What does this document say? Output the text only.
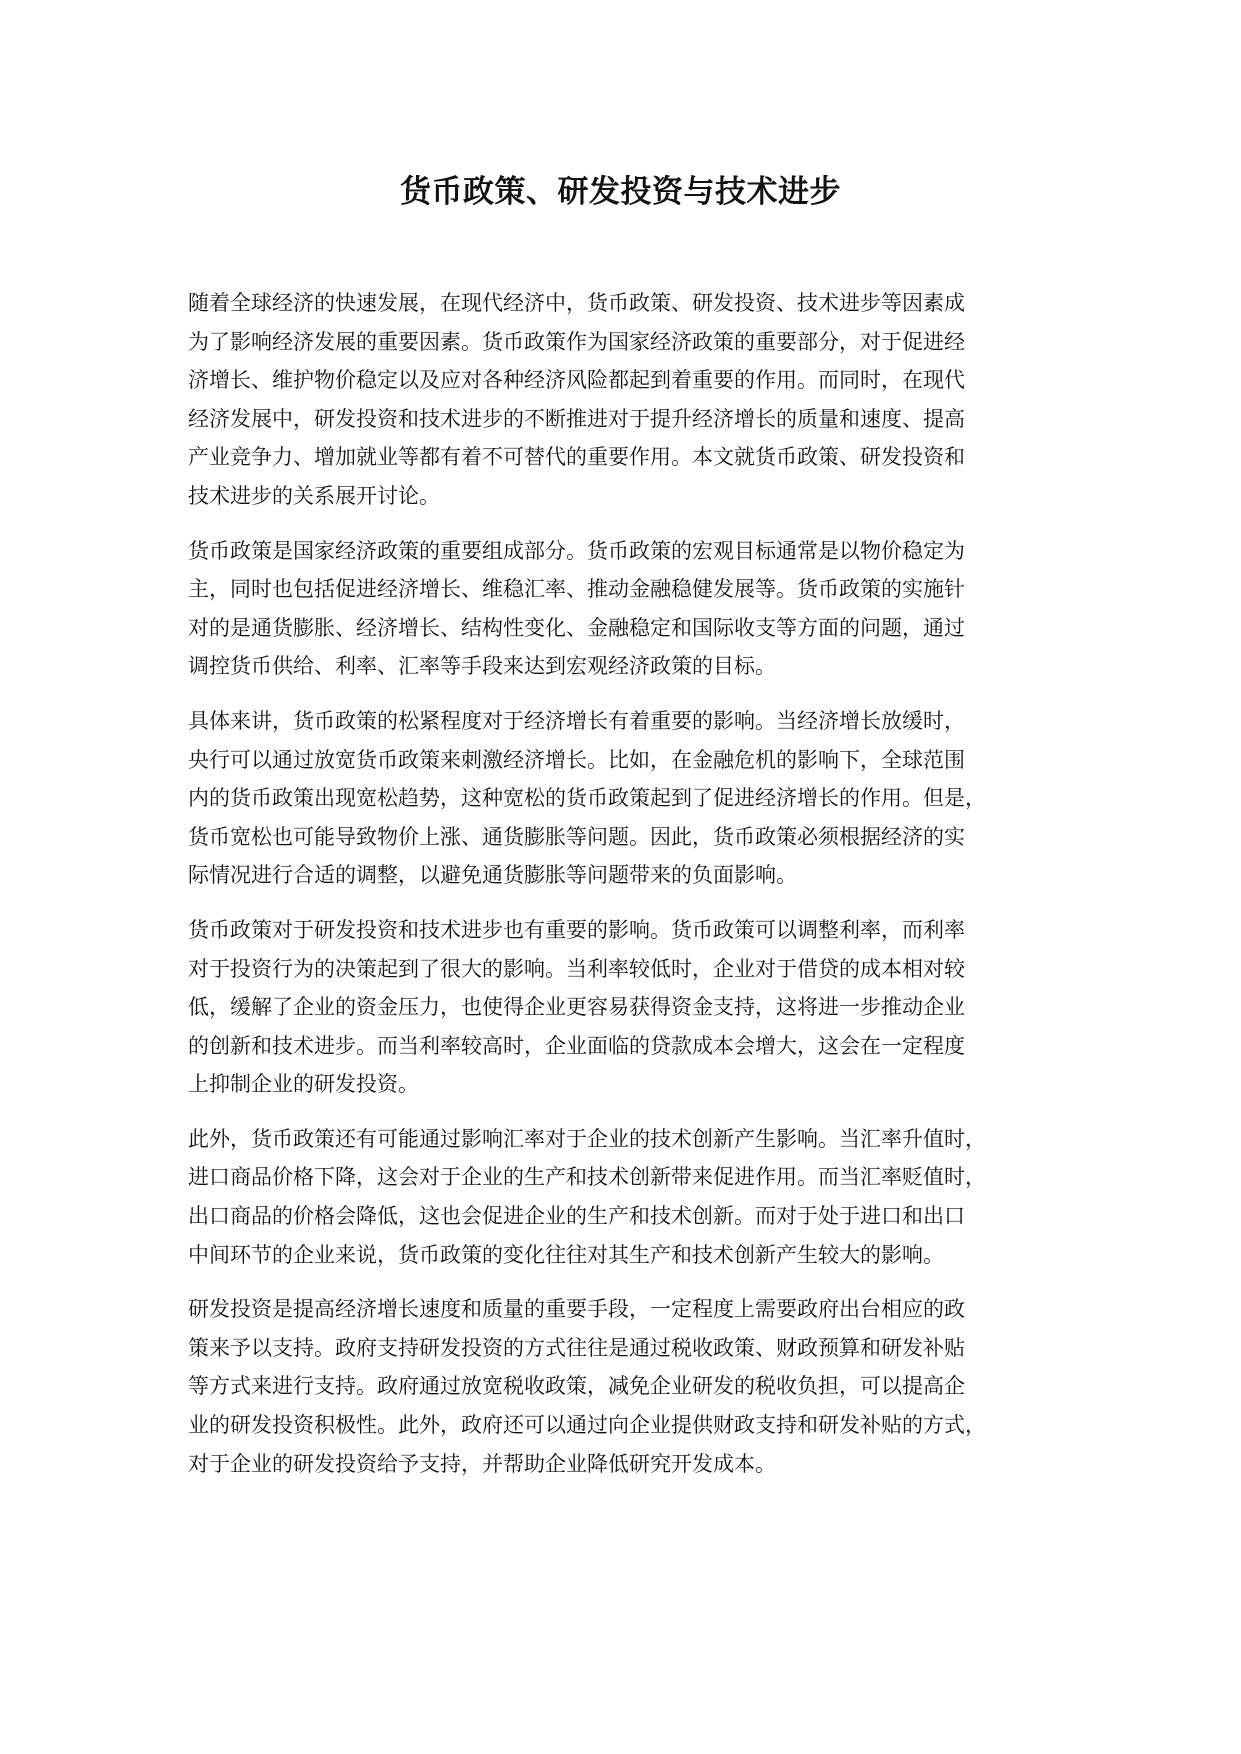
货币政策、研发投资与技术进步

随着全球经济的快速发展，在现代经济中，货币政策、研发投资、技术进步等因素成
为了影响经济发展的重要因素。货币政策作为国家经济政策的重要部分，对于促进经
济增长、维护物价稳定以及应对各种经济风险都起到着重要的作用。而同时，在现代
经济发展中，研发投资和技术进步的不断推进对于提升经济增长的质量和速度、提高
产业竞争力、增加就业等都有着不可替代的重要作用。本文就货币政策、研发投资和
技术进步的关系展开讨论。

货币政策是国家经济政策的重要组成部分。货币政策的宏观目标通常是以物价稳定为
主，同时也包括促进经济增长、维稳汇率、推动金融稳健发展等。货币政策的实施针
对的是通货膨胀、经济增长、结构性变化、金融稳定和国际收支等方面的问题，通过
调控货币供给、利率、汇率等手段来达到宏观经济政策的目标。

具体来讲，货币政策的松紧程度对于经济增长有着重要的影响。当经济增长放缓时，
央行可以通过放宽货币政策来刺激经济增长。比如，在金融危机的影响下，全球范围
内的货币政策出现宽松趋势，这种宽松的货币政策起到了促进经济增长的作用。但是，
货币宽松也可能导致物价上涨、通货膨胀等问题。因此，货币政策必须根据经济的实
际情况进行合适的调整，以避免通货膨胀等问题带来的负面影响。

货币政策对于研发投资和技术进步也有重要的影响。货币政策可以调整利率，而利率
对于投资行为的决策起到了很大的影响。当利率较低时，企业对于借贷的成本相对较
低，缓解了企业的资金压力，也使得企业更容易获得资金支持，这将进一步推动企业
的创新和技术进步。而当利率较高时，企业面临的贷款成本会增大，这会在一定程度
上抑制企业的研发投资。

此外，货币政策还有可能通过影响汇率对于企业的技术创新产生影响。当汇率升值时，
进口商品价格下降，这会对于企业的生产和技术创新带来促进作用。而当汇率贬值时，
出口商品的价格会降低，这也会促进企业的生产和技术创新。而对于处于进口和出口
中间环节的企业来说，货币政策的变化往往对其生产和技术创新产生较大的影响。

研发投资是提高经济增长速度和质量的重要手段，一定程度上需要政府出台相应的政
策来予以支持。政府支持研发投资的方式往往是通过税收政策、财政预算和研发补贴
等方式来进行支持。政府通过放宽税收政策，减免企业研发的税收负担，可以提高企
业的研发投资积极性。此外，政府还可以通过向企业提供财政支持和研发补贴的方式，
对于企业的研发投资给予支持，并帮助企业降低研究开发成本。
